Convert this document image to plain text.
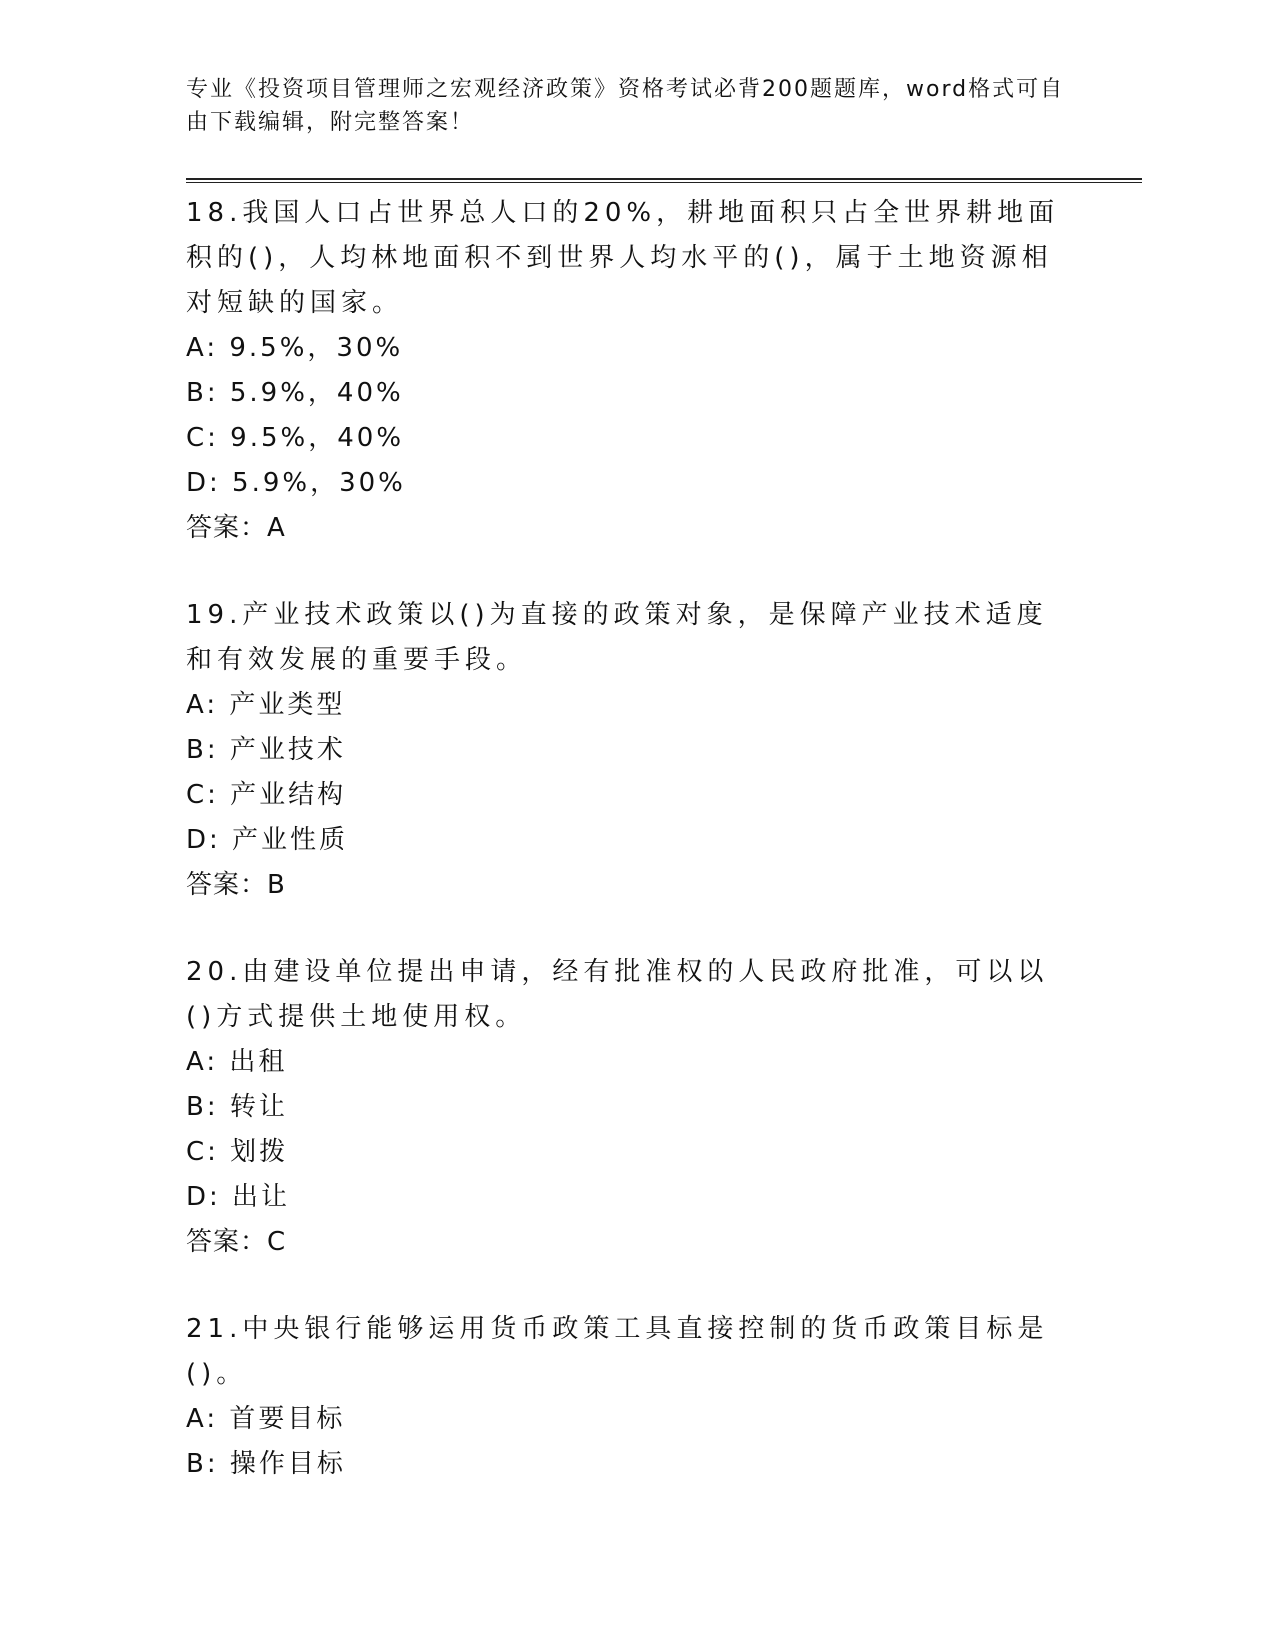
专业《投资项目管理师之宏观经济政策》资格考试必背200题题库，word格式可自由下载编辑，附完整答案！

18.我国人口占世界总人口的20%，耕地面积只占全世界耕地面积的()，人均林地面积不到世界人均水平的()，属于土地资源相对短缺的国家。

A: 9.5%，30%

B: 5.9%，40%

C: 9.5%，40%

D: 5.9%，30%

答案：A

19.产业技术政策以()为直接的政策对象，是保障产业技术适度和有效发展的重要手段。

A: 产业类型

B: 产业技术

C: 产业结构

D: 产业性质

答案：B

20.由建设单位提出申请，经有批准权的人民政府批准，可以以()方式提供土地使用权。

A: 出租

B: 转让

C: 划拨

D: 出让

答案：C

21.中央银行能够运用货币政策工具直接控制的货币政策目标是()。

A: 首要目标

B: 操作目标
